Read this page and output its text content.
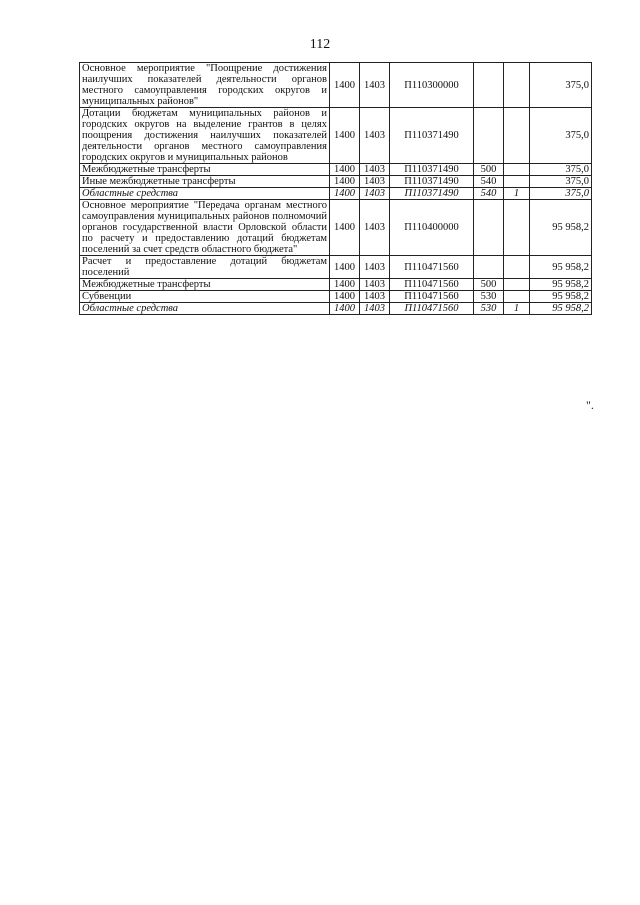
112
Основное мероприятие "Поощрение достижения наилучших показателей деятельности органов местного самоуправления городских округов и муниципальных районов"	1400	1403	П110300000			375,0
Дотации бюджетам муниципальных районов и городских округов на выделение грантов в целях поощрения достижения наилучших показателей деятельности органов местного самоуправления городских округов и муниципальных районов	1400	1403	П110371490			375,0
Межбюджетные трансферты	1400	1403	П110371490	500		375,0
Иные межбюджетные трансферты	1400	1403	П110371490	540		375,0
Областные средства	1400	1403	П110371490	540	1	375,0
Основное мероприятие "Передача органам местного самоуправления муниципальных районов полномочий органов государственной власти Орловской области по расчету и предоставлению дотаций бюджетам поселений за счет средств областного бюджета"	1400	1403	П110400000			95 958,2
Расчет и предоставление дотаций бюджетам поселений	1400	1403	П110471560			95 958,2
Межбюджетные трансферты	1400	1403	П110471560	500		95 958,2
Субвенции	1400	1403	П110471560	530		95 958,2
Областные средства	1400	1403	П110471560	530	1	95 958,2
".
